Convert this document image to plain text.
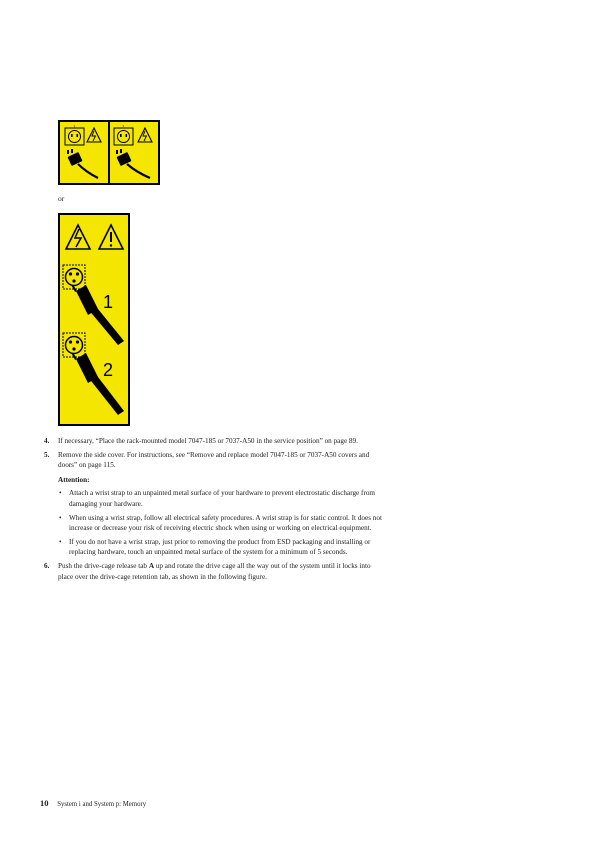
1	2
or
1
2
4. If necessary, “Place the rack-mounted model 7047-185 or 7037-A50 in the service position” on page 89.
5. Remove the side cover. For instructions, see “Remove and replace model 7047-185 or 7037-A50 covers and doors” on page 115.
Attention:
• Attach a wrist strap to an unpainted metal surface of your hardware to prevent electrostatic discharge from damaging your hardware.
• When using a wrist strap, follow all electrical safety procedures. A wrist strap is for static control. It does not increase or decrease your risk of receiving electric shock when using or working on electrical equipment.
• If you do not have a wrist strap, just prior to removing the product from ESD packaging and installing or replacing hardware, touch an unpainted metal surface of the system for a minimum of 5 seconds.
6. Push the drive-cage release tab A up and rotate the drive cage all the way out of the system until it locks into place over the drive-cage retention tab, as shown in the following figure.
10 System i and System p: Memory
